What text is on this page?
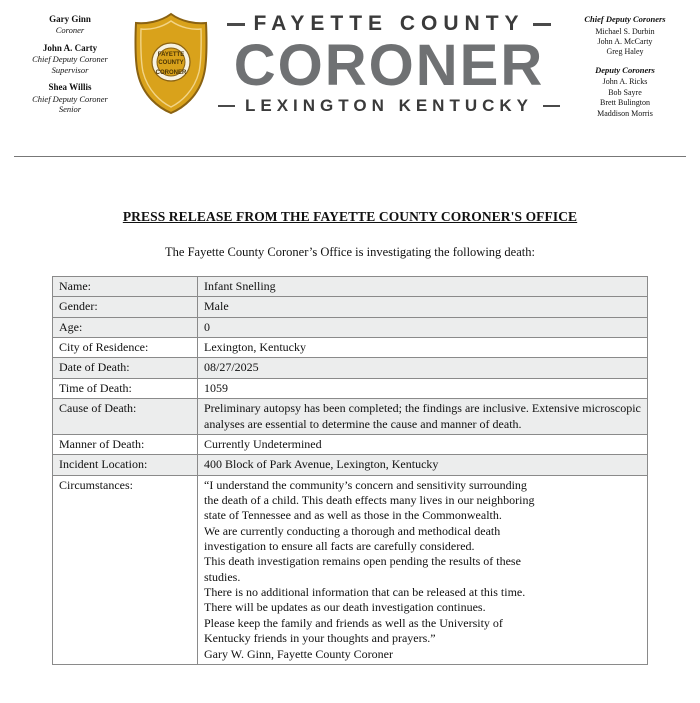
Gary Ginn
Coroner
John A. Carty
Chief Deputy Coroner
Supervisor
Shea Willis
Chief Deputy Coroner
Senior
FAYETTE
COUNTY
CORONER
FAYETTE COUNTY
CORONER
LEXINGTON KENTUCKY
Chief Deputy Coroners
Michael S. Durbin
John A. McCarty
Greg Haley
Deputy Coroners
John A. Ricks
Bob Sayre
Brett Bulington
Maddison Morris
PRESS RELEASE FROM THE FAYETTE COUNTY CORONER'S OFFICE
The Fayette County Coroner’s Office is investigating the following death:
Name:	Infant Snelling
Gender:	Male
Age:	0
City of Residence:	Lexington, Kentucky
Date of Death:	08/27/2025
Time of Death:	1059
Cause of Death:	Preliminary autopsy has been completed; the findings are inclusive. Extensive microscopic analyses are essential to determine the cause and manner of death.
Manner of Death:	Currently Undetermined
Incident Location:	400 Block of Park Avenue, Lexington, Kentucky
Circumstances:	“I understand the community’s concern and sensitivity surrounding
the death of a child. This death effects many lives in our neighboring
state of Tennessee and as well as those in the Commonwealth.
We are currently conducting a thorough and methodical death
investigation to ensure all facts are carefully considered.
This death investigation remains open pending the results of these
studies.
There is no additional information that can be released at this time.
There will be updates as our death investigation continues.
Please keep the family and friends as well as the University of
Kentucky friends in your thoughts and prayers.”
Gary W. Ginn, Fayette County Coroner
